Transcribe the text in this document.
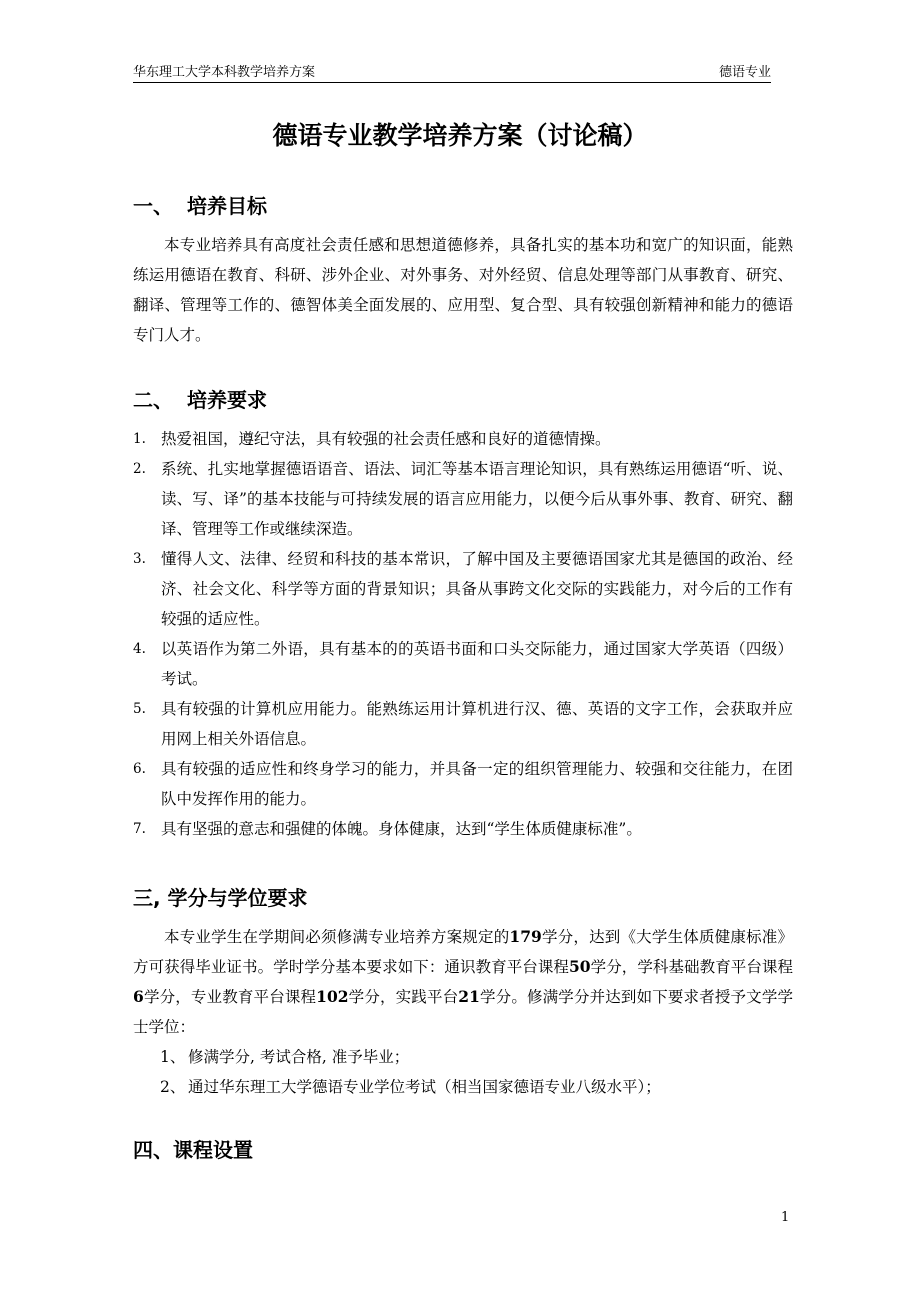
华东理工大学本科教学培养方案	德语专业
德语专业教学培养方案（讨论稿）
一、 培养目标
本专业培养具有高度社会责任感和思想道德修养，具备扎实的基本功和宽广的知识面，能熟练运用德语在教育、科研、涉外企业、对外事务、对外经贸、信息处理等部门从事教育、研究、翻译、管理等工作的、德智体美全面发展的、应用型、复合型、具有较强创新精神和能力的德语专门人才。
二、 培养要求
1. 热爱祖国，遵纪守法，具有较强的社会责任感和良好的道德情操。
2. 系统、扎实地掌握德语语音、语法、词汇等基本语言理论知识，具有熟练运用德语“听、说、读、写、译”的基本技能与可持续发展的语言应用能力，以便今后从事外事、教育、研究、翻译、管理等工作或继续深造。
3. 懂得人文、法律、经贸和科技的基本常识，了解中国及主要德语国家尤其是德国的政治、经济、社会文化、科学等方面的背景知识；具备从事跨文化交际的实践能力，对今后的工作有较强的适应性。
4. 以英语作为第二外语，具有基本的的英语书面和口头交际能力，通过国家大学英语（四级）考试。
5. 具有较强的计算机应用能力。能熟练运用计算机进行汉、德、英语的文字工作，会获取并应用网上相关外语信息。
6. 具有较强的适应性和终身学习的能力，并具备一定的组织管理能力、较强和交往能力，在团队中发挥作用的能力。
7. 具有坚强的意志和强健的体魄。身体健康，达到“学生体质健康标准”。
三, 学分与学位要求
本专业学生在学期间必须修满专业培养方案规定的179学分，达到《大学生体质健康标准》方可获得毕业证书。学时学分基本要求如下：通识教育平台课程50学分，学科基础教育平台课程6学分，专业教育平台课程102学分，实践平台21学分。修满学分并达到如下要求者授予文学学士学位：
1、 修满学分, 考试合格, 准予毕业；
2、 通过华东理工大学德语专业学位考试（相当国家德语专业八级水平）；
四、课程设置
1
